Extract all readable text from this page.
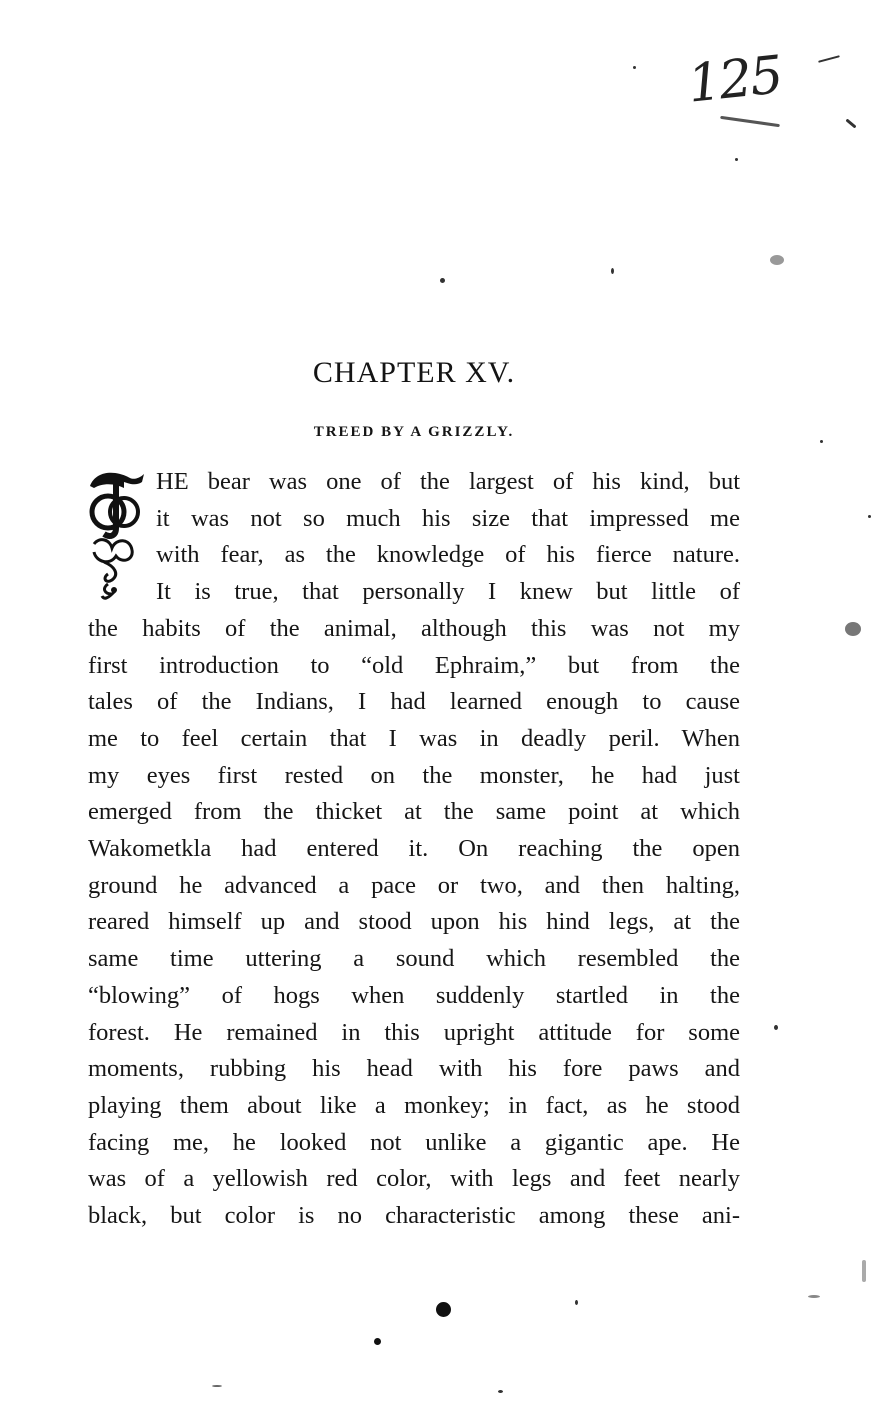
125
CHAPTER XV.
TREED BY A GRIZZLY.
HE bear was one of the largest of his kind, but
it was not so much his size that impressed me
with fear, as the knowledge of his fierce nature.
It is true, that personally I knew but little of
the habits of the animal, although this was not my
first introduction to “old Ephraim,” but from the
tales of the Indians, I had learned enough to cause
me to feel certain that I was in deadly peril. When
my eyes first rested on the monster, he had just
emerged from the thicket at the same point at which
Wakometkla had entered it. On reaching the open
ground he advanced a pace or two, and then halting,
reared himself up and stood upon his hind legs, at the
same time uttering a sound which resembled the
“blowing” of hogs when suddenly startled in the
forest. He remained in this upright attitude for some
moments, rubbing his head with his fore paws and
playing them about like a monkey; in fact, as he stood
facing me, he looked not unlike a gigantic ape. He
was of a yellowish red color, with legs and feet nearly
black, but color is no characteristic among these ani-
